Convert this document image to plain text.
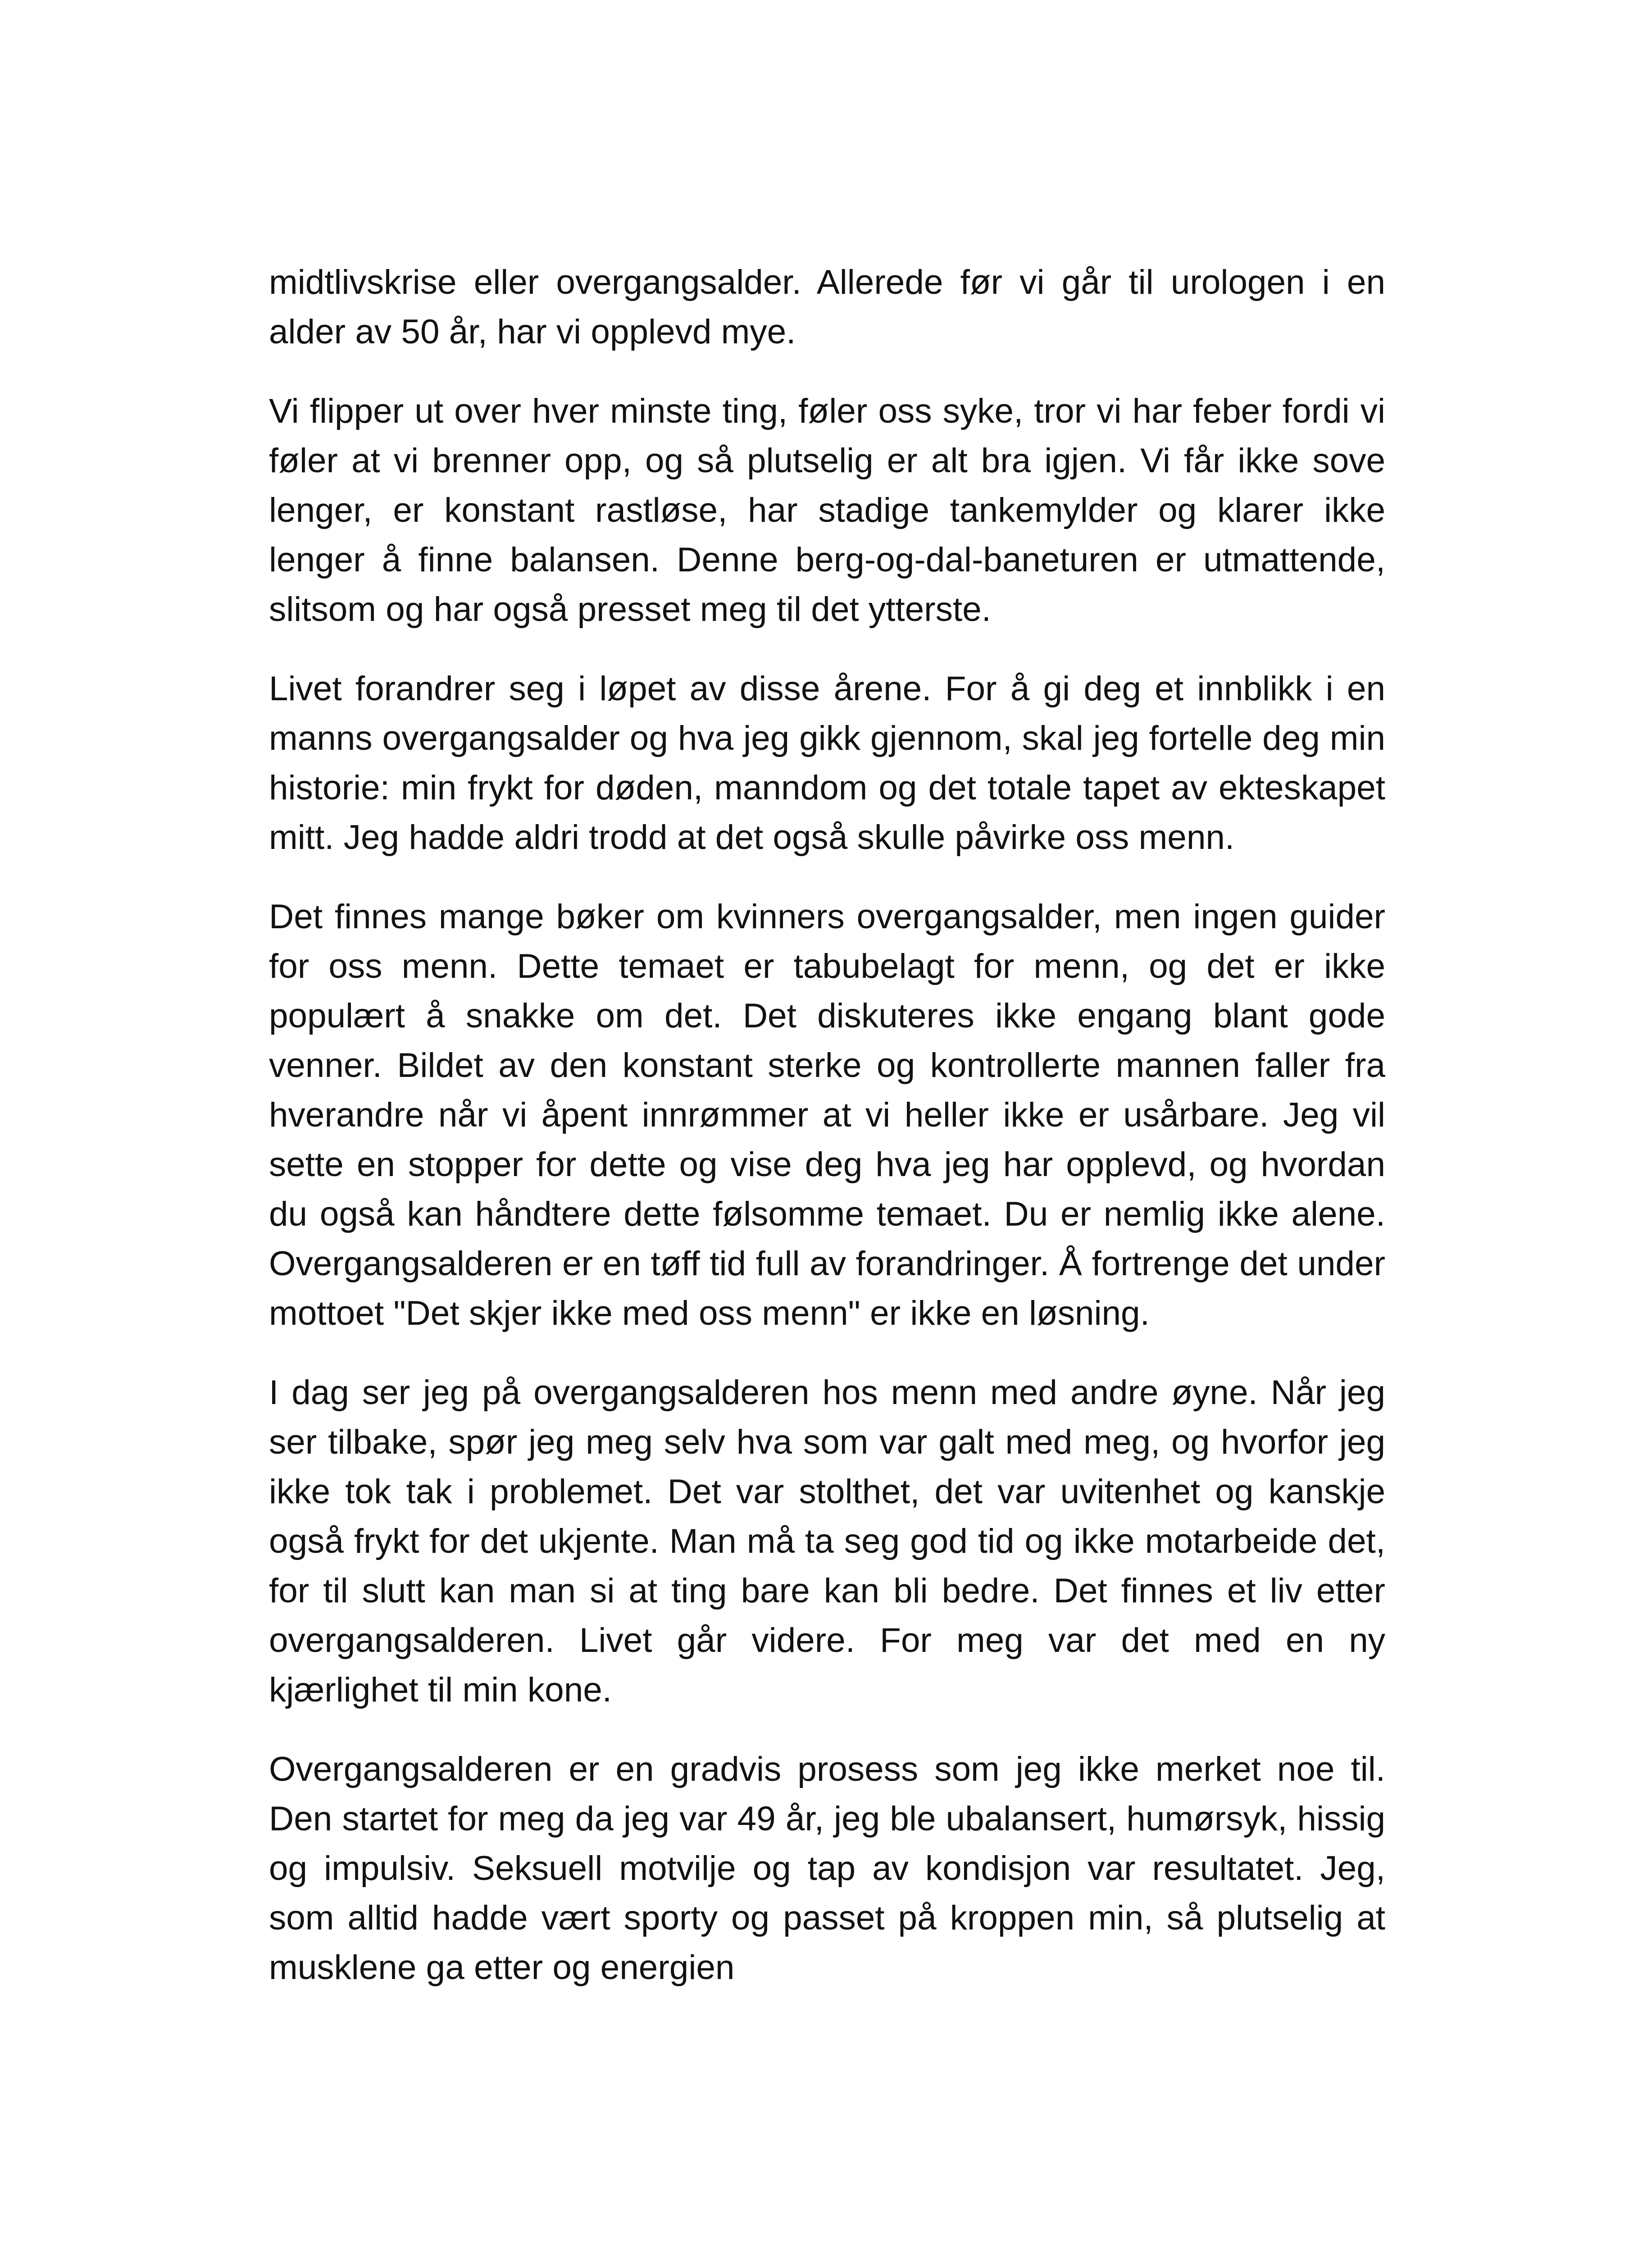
midtlivskrise eller overgangsalder. Allerede før vi går til urologen i en alder av 50 år, har vi opplevd mye.

Vi flipper ut over hver minste ting, føler oss syke, tror vi har feber fordi vi føler at vi brenner opp, og så plutselig er alt bra igjen. Vi får ikke sove lenger, er konstant rastløse, har stadige tankemylder og klarer ikke lenger å finne balansen. Denne berg-og-dal-baneturen er utmattende, slitsom og har også presset meg til det ytterste.

Livet forandrer seg i løpet av disse årene. For å gi deg et innblikk i en manns overgangsalder og hva jeg gikk gjennom, skal jeg fortelle deg min historie: min frykt for døden, manndom og det totale tapet av ekteskapet mitt. Jeg hadde aldri trodd at det også skulle påvirke oss menn.

Det finnes mange bøker om kvinners overgangsalder, men ingen guider for oss menn. Dette temaet er tabubelagt for menn, og det er ikke populært å snakke om det. Det diskuteres ikke engang blant gode venner. Bildet av den konstant sterke og kontrollerte mannen faller fra hverandre når vi åpent innrømmer at vi heller ikke er usårbare. Jeg vil sette en stopper for dette og vise deg hva jeg har opplevd, og hvordan du også kan håndtere dette følsomme temaet. Du er nemlig ikke alene. Overgangsalderen er en tøff tid full av forandringer. Å fortrenge det under mottoet "Det skjer ikke med oss menn" er ikke en løsning.

I dag ser jeg på overgangsalderen hos menn med andre øyne. Når jeg ser tilbake, spør jeg meg selv hva som var galt med meg, og hvorfor jeg ikke tok tak i problemet. Det var stolthet, det var uvitenhet og kanskje også frykt for det ukjente. Man må ta seg god tid og ikke motarbeide det, for til slutt kan man si at ting bare kan bli bedre. Det finnes et liv etter overgangsalderen. Livet går videre. For meg var det med en ny kjærlighet til min kone.

Overgangsalderen er en gradvis prosess som jeg ikke merket noe til. Den startet for meg da jeg var 49 år, jeg ble ubalansert, humørsyk, hissig og impulsiv. Seksuell motvilje og tap av kondisjon var resultatet. Jeg, som alltid hadde vært sporty og passet på kroppen min, så plutselig at musklene ga etter og energien
